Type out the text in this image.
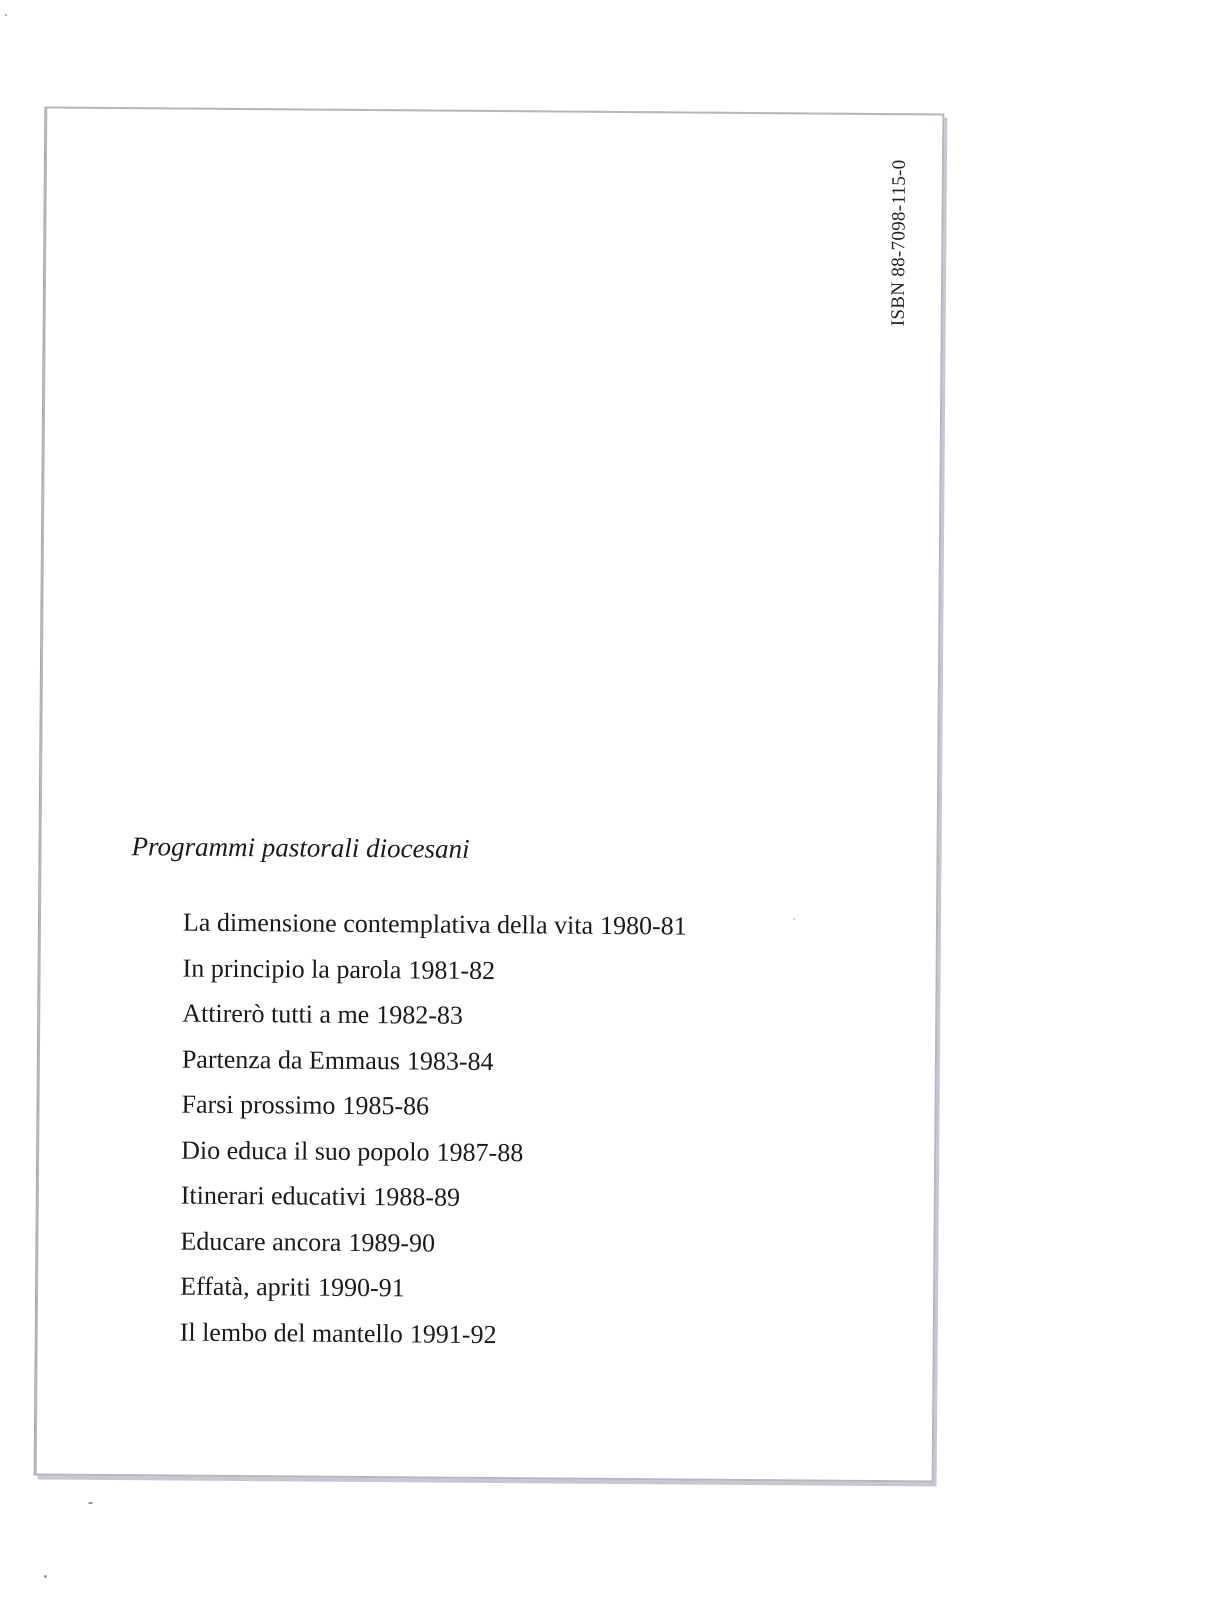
ISBN 88-7098-115-0
Programmi pastorali diocesani
La dimensione contemplativa della vita 1980-81
In principio la parola 1981-82
Attirerò tutti a me 1982-83
Partenza da Emmaus 1983-84
Farsi prossimo 1985-86
Dio educa il suo popolo 1987-88
Itinerari educativi 1988-89
Educare ancora 1989-90
Effatà, apriti 1990-91
Il lembo del mantello 1991-92
